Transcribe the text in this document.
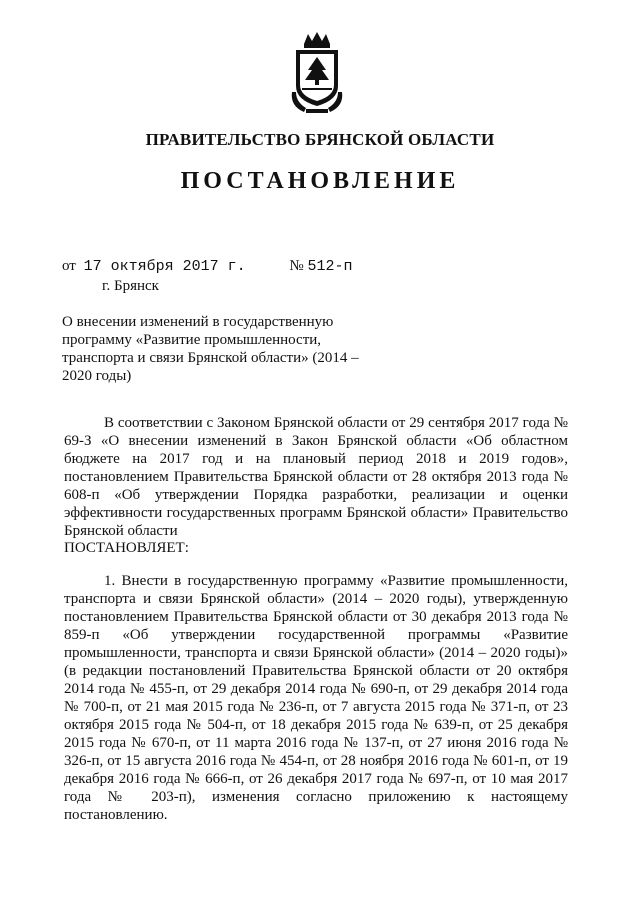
ПРАВИТЕЛЬСТВО БРЯНСКОЙ ОБЛАСТИ
ПОСТАНОВЛЕНИЕ
от 17 октября 2017 г.	№ 512-п
г. Брянск
О внесении изменений в государственную программу «Развитие промышленности, транспорта и связи Брянской области» (2014 – 2020 годы)
В соответствии с Законом Брянской области от 29 сентября 2017 года № 69-З «О внесении изменений в Закон Брянской области «Об областном бюджете на 2017 год и на плановый период 2018 и 2019 годов», постановлением Правительства Брянской области от 28 октября 2013 года № 608-п «Об утверждении Порядка разработки, реализации и оценки эффективности государственных программ Брянской области» Правительство Брянской области
ПОСТАНОВЛЯЕТ:
1. Внести в государственную программу «Развитие промышленности, транспорта и связи Брянской области» (2014 – 2020 годы), утвержденную постановлением Правительства Брянской области от 30 декабря 2013 года № 859-п «Об утверждении государственной программы «Развитие промышленности, транспорта и связи Брянской области» (2014 – 2020 годы)» (в редакции постановлений Правительства Брянской области от 20 октября 2014 года № 455-п, от 29 декабря 2014 года № 690-п, от 29 декабря 2014 года № 700-п, от 21 мая 2015 года № 236-п, от 7 августа 2015 года № 371-п, от 23 октября 2015 года № 504-п, от 18 декабря 2015 года № 639-п, от 25 декабря 2015 года № 670-п, от 11 марта 2016 года № 137-п, от 27 июня 2016 года № 326-п, от 15 августа 2016 года № 454-п, от 28 ноября 2016 года № 601-п, от 19 декабря 2016 года № 666-п, от 26 декабря 2017 года № 697-п, от 10 мая 2017 года № 203-п), изменения согласно приложению к настоящему постановлению.
